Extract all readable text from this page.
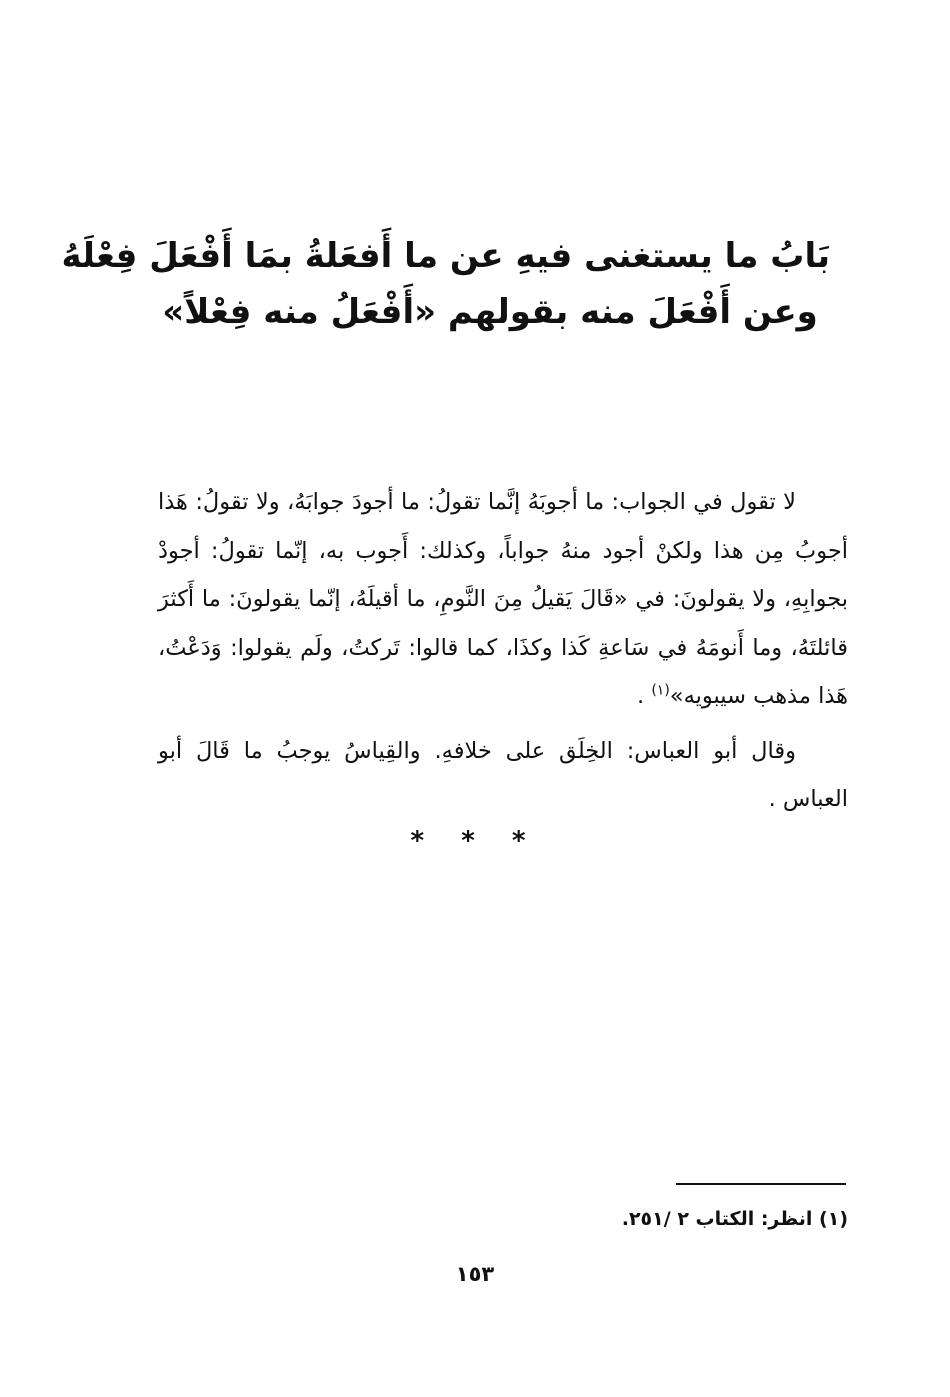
بَابُ ما يستغنى فيهِ عن ما أَفعَلةُ بمَا أَفْعَلَ فِعْلَهُ
وعن أَفْعَلَ منه بقولهم «أَفْعَلُ منه فِعْلاً»

لا تقول في الجواب: ما أجوبَهُ إنَّما تقولُ: ما أجودَ جوابَهُ، ولا تقولُ: هَذا أجوبُ مِن هذا ولكنْ أجود منهُ جواباً، وكذلك: أَجوب به، إنّما تقولُ: أجودْ بجوابِهِ، ولا يقولونَ: في «قَالَ يَقيلُ مِنَ النَّومِ، ما أقيلَهُ، إنّما يقولونَ: ما أَكثرَ قائلتَهُ، وما أَنومَهُ في سَاعةِ كَذا وكذَا، كما قالوا: تَركتُ، ولَم يقولوا: وَدَعْتُ، هَذا مذهب سيبويه»$^{(١)}$ .

وقال أبو العباس: الخِلَق على خلافهِ. والقِياسُ يوجبُ ما قَالَ أبو العباس .

* * *
(١) انظر: الكتاب ٢ /٢٥١.
١٥٣
